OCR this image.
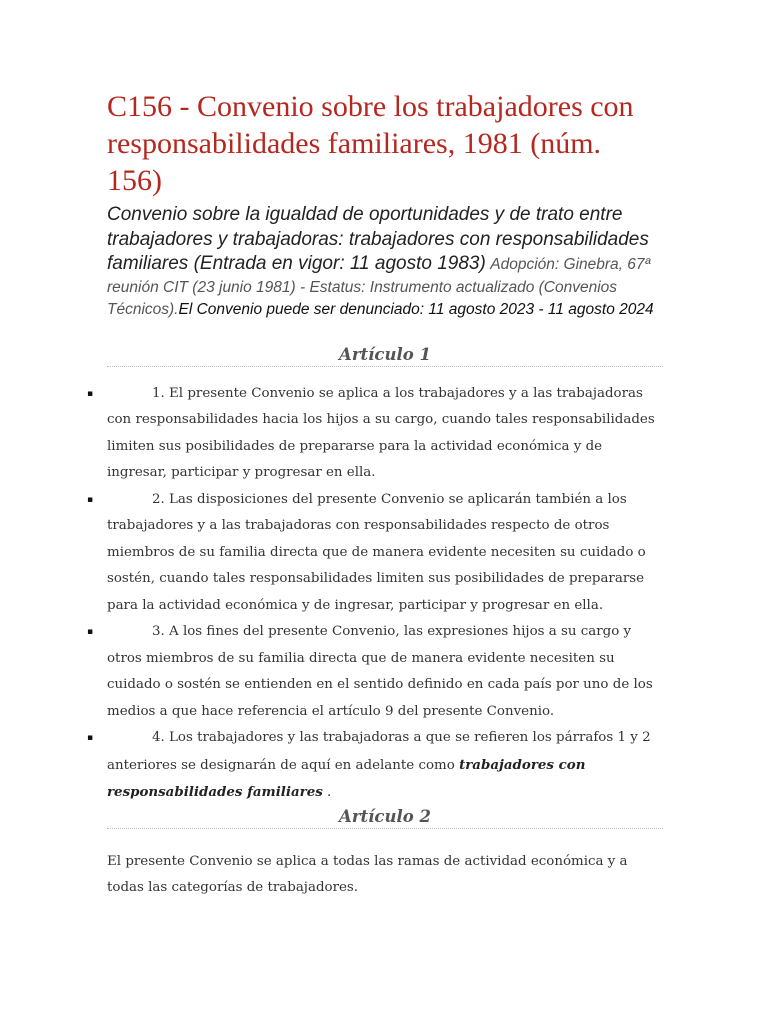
C156 - Convenio sobre los trabajadores con responsabilidades familiares, 1981 (núm. 156)
Convenio sobre la igualdad de oportunidades y de trato entre trabajadores y trabajadoras: trabajadores con responsabilidades familiares (Entrada en vigor: 11 agosto 1983) Adopción: Ginebra, 67ª reunión CIT (23 junio 1981) - Estatus: Instrumento actualizado (Convenios Técnicos).El Convenio puede ser denunciado: 11 agosto 2023 - 11 agosto 2024
Artículo 1
▪	1. El presente Convenio se aplica a los trabajadores y a las trabajadoras con responsabilidades hacia los hijos a su cargo, cuando tales responsabilidades limiten sus posibilidades de prepararse para la actividad económica y de ingresar, participar y progresar en ella.
▪	2. Las disposiciones del presente Convenio se aplicarán también a los trabajadores y a las trabajadoras con responsabilidades respecto de otros miembros de su familia directa que de manera evidente necesiten su cuidado o sostén, cuando tales responsabilidades limiten sus posibilidades de prepararse para la actividad económica y de ingresar, participar y progresar en ella.
▪	3. A los fines del presente Convenio, las expresiones hijos a su cargo y otros miembros de su familia directa que de manera evidente necesiten su cuidado o sostén se entienden en el sentido definido en cada país por uno de los medios a que hace referencia el artículo 9 del presente Convenio.
▪	4. Los trabajadores y las trabajadoras a que se refieren los párrafos 1 y 2 anteriores se designarán de aquí en adelante como trabajadores con responsabilidades familiares .
Artículo 2

El presente Convenio se aplica a todas las ramas de actividad económica y a todas las categorías de trabajadores.
